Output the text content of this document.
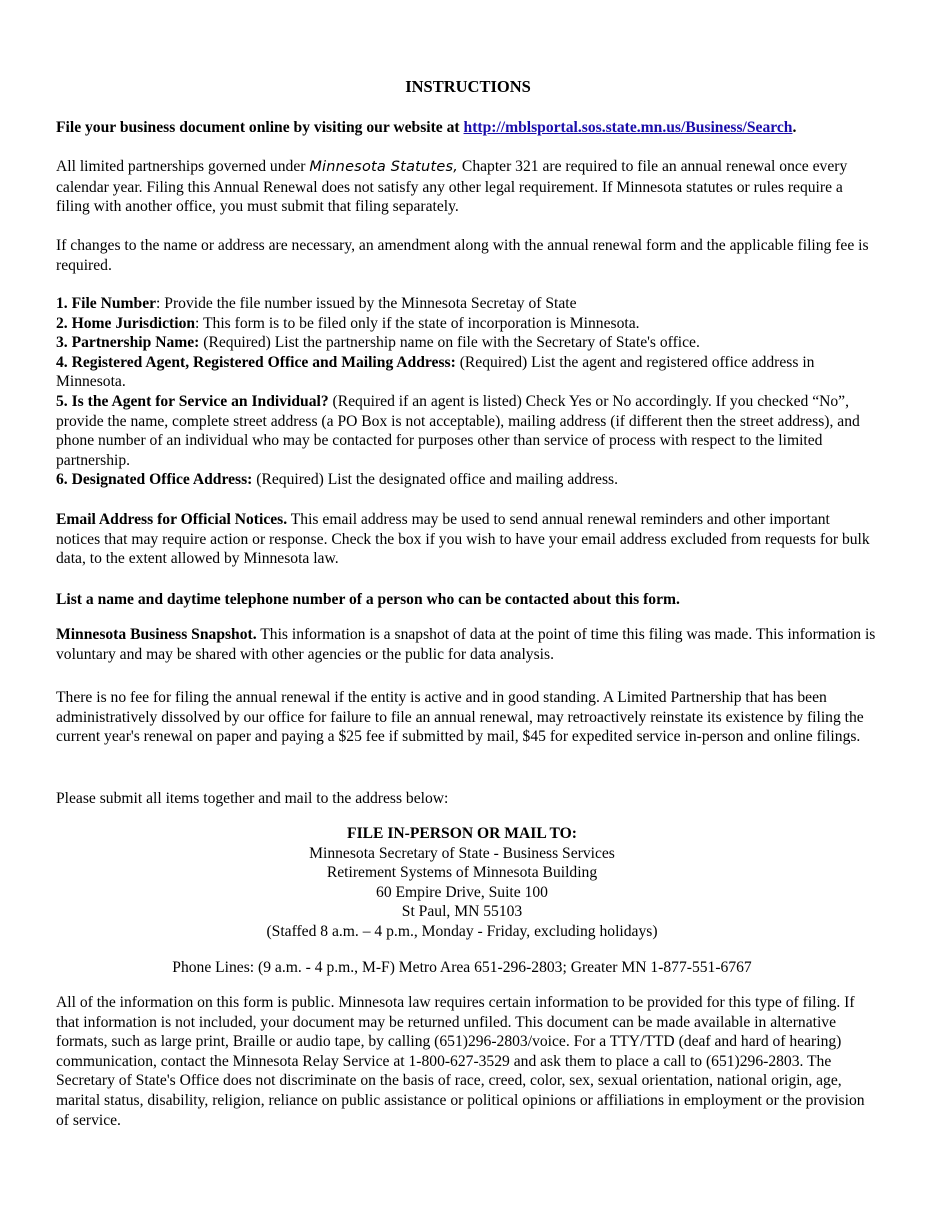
INSTRUCTIONS

File your business document online by visiting our website at http://mblsportal.sos.state.mn.us/Business/Search.

All limited partnerships governed under Minnesota Statutes, Chapter 321 are required to file an annual renewal once every calendar year. Filing this Annual Renewal does not satisfy any other legal requirement. If Minnesota statutes or rules require a filing with another office, you must submit that filing separately.

If changes to the name or address are necessary, an amendment along with the annual renewal form and the applicable filing fee is required.

1. File Number: Provide the file number issued by the Minnesota Secretay of State
2. Home Jurisdiction: This form is to be filed only if the state of incorporation is Minnesota.
3. Partnership Name: (Required) List the partnership name on file with the Secretary of State's office.
4. Registered Agent, Registered Office and Mailing Address: (Required) List the agent and registered office address in Minnesota.
5. Is the Agent for Service an Individual? (Required if an agent is listed) Check Yes or No accordingly. If you checked “No”, provide the name, complete street address (a PO Box is not acceptable), mailing address (if different then the street address), and phone number of an individual who may be contacted for purposes other than service of process with respect to the limited partnership.
6. Designated Office Address: (Required) List the designated office and mailing address.

Email Address for Official Notices. This email address may be used to send annual renewal reminders and other important notices that may require action or response. Check the box if you wish to have your email address excluded from requests for bulk data, to the extent allowed by Minnesota law.

List a name and daytime telephone number of a person who can be contacted about this form.

Minnesota Business Snapshot. This information is a snapshot of data at the point of time this filing was made. This information is voluntary and may be shared with other agencies or the public for data analysis.

There is no fee for filing the annual renewal if the entity is active and in good standing. A Limited Partnership that has been administratively dissolved by our office for failure to file an annual renewal, may retroactively reinstate its existence by filing the current year's renewal on paper and paying a $25 fee if submitted by mail, $45 for expedited service in-person and online filings.

Please submit all items together and mail to the address below:

FILE IN-PERSON OR MAIL TO:
Minnesota Secretary of State - Business Services
Retirement Systems of Minnesota Building
60 Empire Drive, Suite 100
St Paul, MN 55103
(Staffed 8 a.m. – 4 p.m., Monday - Friday, excluding holidays)

Phone Lines: (9 a.m. - 4 p.m., M-F) Metro Area 651-296-2803; Greater MN 1-877-551-6767

All of the information on this form is public. Minnesota law requires certain information to be provided for this type of filing. If that information is not included, your document may be returned unfiled. This document can be made available in alternative formats, such as large print, Braille or audio tape, by calling (651)296-2803/voice. For a TTY/TTD (deaf and hard of hearing) communication, contact the Minnesota Relay Service at 1-800-627-3529 and ask them to place a call to (651)296-2803. The Secretary of State's Office does not discriminate on the basis of race, creed, color, sex, sexual orientation, national origin, age, marital status, disability, religion, reliance on public assistance or political opinions or affiliations in employment or the provision of service.
